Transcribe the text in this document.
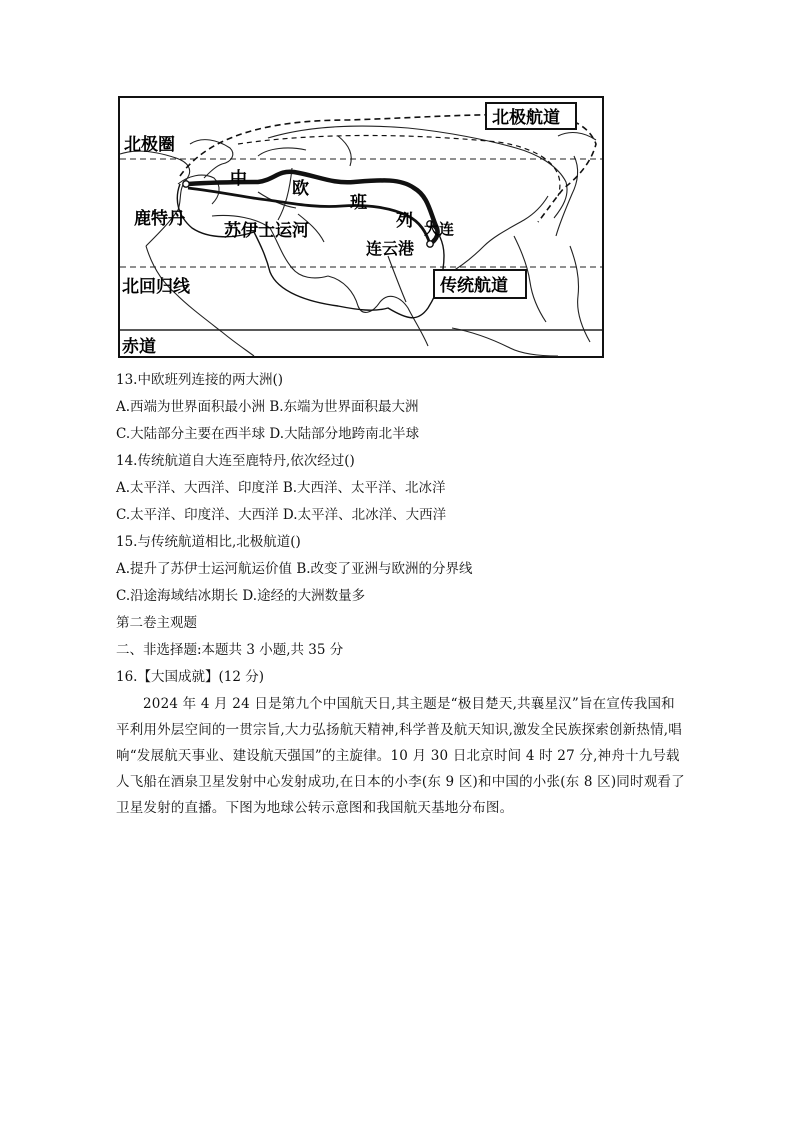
北极圈
北回归线
赤道
北极航道
传统航道
鹿特丹
苏伊士运河
连云港
大连
中	欧
班
列
13.中欧班列连接的两大洲()
A.西端为世界面积最小洲 B.东端为世界面积最大洲
C.大陆部分主要在西半球 D.大陆部分地跨南北半球
14.传统航道自大连至鹿特丹,依次经过()
A.太平洋、大西洋、印度洋 B.大西洋、太平洋、北冰洋
C.太平洋、印度洋、大西洋 D.太平洋、北冰洋、大西洋
15.与传统航道相比,北极航道()
A.提升了苏伊士运河航运价值 B.改变了亚洲与欧洲的分界线
C.沿途海域结冰期长 D.途经的大洲数量多
第二卷主观题
二、非选择题:本题共 3 小题,共 35 分
16.【大国成就】(12 分)

2024 年 4 月 24 日是第九个中国航天日,其主题是“极目楚天,共襄星汉”旨在宣传我国和平利用外层空间的一贯宗旨,大力弘扬航天精神,科学普及航天知识,激发全民族探索创新热情,唱响“发展航天事业、建设航天强国”的主旋律。10 月 30 日北京时间 4 时 27 分,神舟十九号载人飞船在酒泉卫星发射中心发射成功,在日本的小李(东 9 区)和中国的小张(东 8 区)同时观看了卫星发射的直播。下图为地球公转示意图和我国航天基地分布图。
